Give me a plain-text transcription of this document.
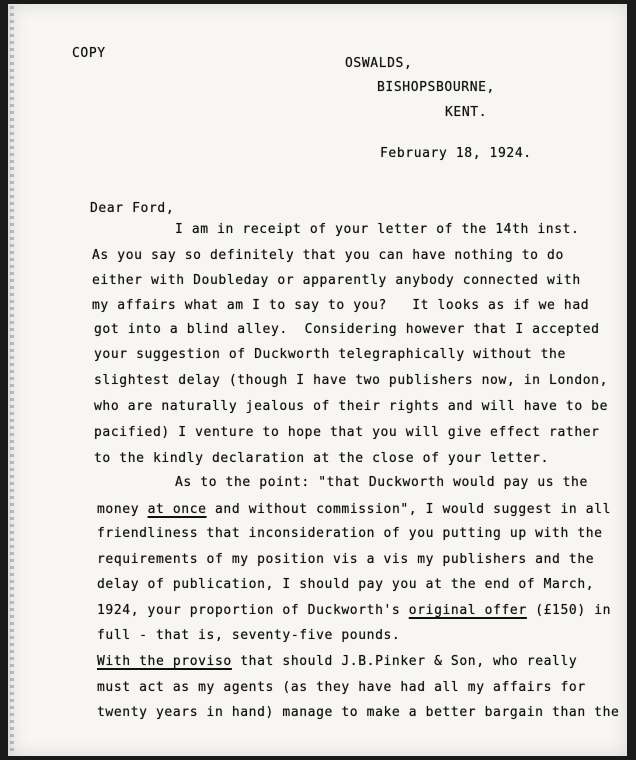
COPY
OSWALDS,
BISHOPSBOURNE,
KENT.
February 18, 1924.
Dear Ford,
I am in receipt of your letter of the 14th inst.
As you say so definitely that you can have nothing to do
either with Doubleday or apparently anybody connected with
my affairs what am I to say to you?   It looks as if we had
got into a blind alley.  Considering however that I accepted
your suggestion of Duckworth telegraphically without the
slightest delay (though I have two publishers now, in London,
who are naturally jealous of their rights and will have to be
pacified) I venture to hope that you will give effect rather
to the kindly declaration at the close of your letter.
As to the point: "that Duckworth would pay us the
money at once and without commission", I would suggest in all
friendliness that inconsideration of you putting up with the
requirements of my position vis a vis my publishers and the
delay of publication, I should pay you at the end of March,
1924, your proportion of Duckworth's original offer (£150) in
full - that is, seventy-five pounds.
With the proviso that should J.B.Pinker & Son, who really
must act as my agents (as they have had all my affairs for
twenty years in hand) manage to make a better bargain than the
